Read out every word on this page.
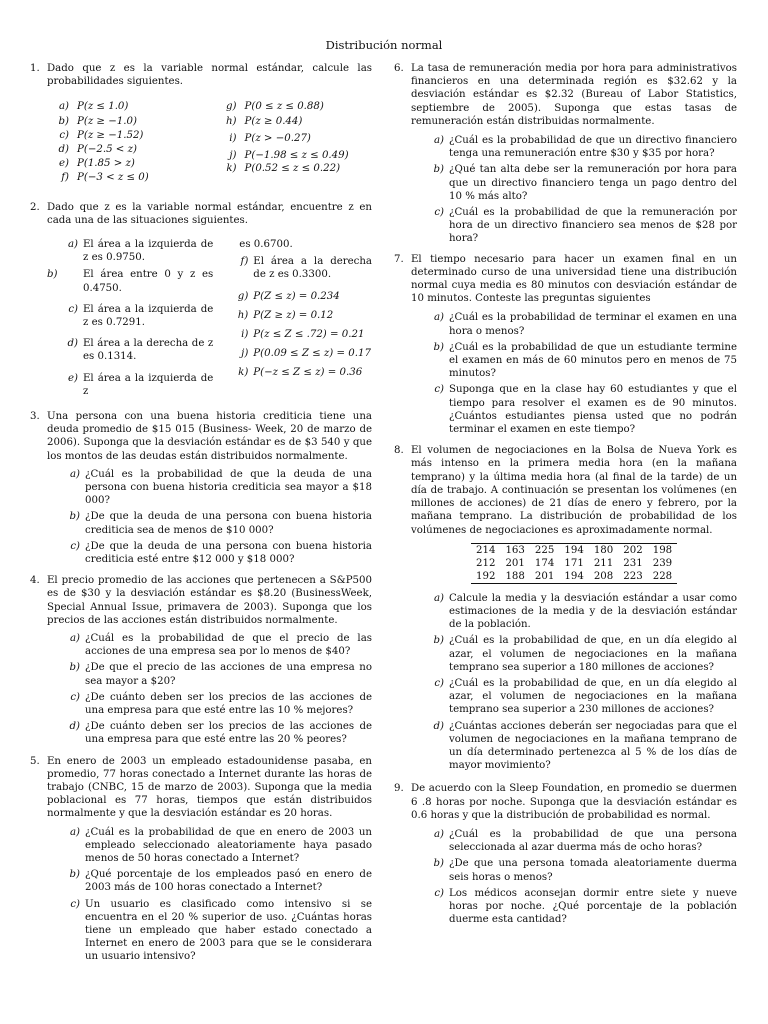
Distribución normal
1. Dado que z es la variable normal estándar, calcule las probabilidades siguientes.
a) P(z ≤ 1.0)	g) P(0 ≤ z ≤ 0.88)
b) P(z ≥ −1.0)	h) P(z ≥ 0.44)
c) P(z ≥ −1.52)	i) P(z > −0.27)
d) P(−2.5 < z)
j) P(−1.98 ≤ z ≤ 0.49)
e) P(1.85 > z)	k) P(0.52 ≤ z ≤ 0.22)
f) P(−3 < z ≤ 0)
2. Dado que z es la variable normal estándar, encuentre z en cada una de las situaciones siguientes.
a) El área a la izquierda de z es 0.9750.
b)	El área entre 0 y z es 0.4750.
c) El área a la izquierda de z es 0.7291.
d) El área a la derecha de z es 0.1314.
e) El área a la izquierda de z
es 0.6700.
f) El área a la derecha de z es 0.3300.
g) P(Z ≤ z) = 0.234
h) P(Z ≥ z) = 0.12
i) P(z ≤ Z ≤ .72) = 0.21
j) P(0.09 ≤ Z ≤ z) = 0.17
k) P(−z ≤ Z ≤ z) = 0.36
3. Una persona con una buena historia crediticia tiene una deuda promedio de $15 015 (Business- Week, 20 de marzo de 2006). Suponga que la desviación estándar es de $3 540 y que los montos de las deudas están distribuidos normalmente.
a) ¿Cuál es la probabilidad de que la deuda de una persona con buena historia crediticia sea mayor a $18 000?
b) ¿De que la deuda de una persona con buena historia crediticia sea de menos de $10 000?
c) ¿De que la deuda de una persona con buena historia crediticia esté entre $12 000 y $18 000?
4. El precio promedio de las acciones que pertenecen a S&P500 es de $30 y la desviación estándar es $8.20 (BusinessWeek, Special Annual Issue, primavera de 2003). Suponga que los precios de las acciones están distribuidos normalmente.
a) ¿Cuál es la probabilidad de que el precio de las acciones de una empresa sea por lo menos de $40?
b) ¿De que el precio de las acciones de una empresa no sea mayor a $20?
c) ¿De cuánto deben ser los precios de las acciones de una empresa para que esté entre las 10 % mejores?
d) ¿De cuánto deben ser los precios de las acciones de una empresa para que esté entre las 20 % peores?
5. En enero de 2003 un empleado estadounidense pasaba, en promedio, 77 horas conectado a Internet durante las horas de trabajo (CNBC, 15 de marzo de 2003). Suponga que la media poblacional es 77 horas, tiempos que están distribuidos normalmente y que la desviación estándar es 20 horas.
a) ¿Cuál es la probabilidad de que en enero de 2003 un empleado seleccionado aleatoriamente haya pasado menos de 50 horas conectado a Internet?
b) ¿Qué porcentaje de los empleados pasó en enero de 2003 más de 100 horas conectado a Internet?
c) Un usuario es clasificado como intensivo si se encuentra en el 20 % superior de uso. ¿Cuántas horas tiene un empleado que haber estado conectado a Internet en enero de 2003 para que se le considerara un usuario intensivo?
6. La tasa de remuneración media por hora para administrativos financieros en una determinada región es $32.62 y la desviación estándar es $2.32 (Bureau of Labor Statistics, septiembre de 2005). Suponga que estas tasas de remuneración están distribuidas normalmente.
a) ¿Cuál es la probabilidad de que un directivo financiero tenga una remuneración entre $30 y $35 por hora?
b) ¿Qué tan alta debe ser la remuneración por hora para que un directivo financiero tenga un pago dentro del 10 % más alto?
c) ¿Cuál es la probabilidad de que la remuneración por hora de un directivo financiero sea menos de $28 por hora?
7. El tiempo necesario para hacer un examen final en un determinado curso de una universidad tiene una distribución normal cuya media es 80 minutos con desviación estándar de 10 minutos. Conteste las preguntas siguientes
a) ¿Cuál es la probabilidad de terminar el examen en una hora o menos?
b) ¿Cuál es la probabilidad de que un estudiante termine el examen en más de 60 minutos pero en menos de 75 minutos?
c) Suponga que en la clase hay 60 estudiantes y que el tiempo para resolver el examen es de 90 minutos. ¿Cuántos estudiantes piensa usted que no podrán terminar el examen en este tiempo?
8. El volumen de negociaciones en la Bolsa de Nueva York es más intenso en la primera media hora (en la mañana temprano) y la última media hora (al final de la tarde) de un día de trabajo. A continuación se presentan los volúmenes (en millones de acciones) de 21 días de enero y febrero, por la mañana temprano. La distribución de probabilidad de los volúmenes de negociaciones es aproximadamente normal.
214	163	225	194	180	202	198
212	201	174	171	211	231	239
192	188	201	194	208	223	228
a) Calcule la media y la desviación estándar a usar como estimaciones de la media y de la desviación estándar de la población.
b) ¿Cuál es la probabilidad de que, en un día elegido al azar, el volumen de negociaciones en la mañana temprano sea superior a 180 millones de acciones?
c) ¿Cuál es la probabilidad de que, en un día elegido al azar, el volumen de negociaciones en la mañana temprano sea superior a 230 millones de acciones?
d) ¿Cuántas acciones deberán ser negociadas para que el volumen de negociaciones en la mañana temprano de un día determinado pertenezca al 5 % de los días de mayor movimiento?
9. De acuerdo con la Sleep Foundation, en promedio se duermen 6 .8 horas por noche. Suponga que la desviación estándar es 0.6 horas y que la distribución de probabilidad es normal.
a) ¿Cuál es la probabilidad de que una persona seleccionada al azar duerma más de ocho horas?
b) ¿De que una persona tomada aleatoriamente duerma seis horas o menos?
c) Los médicos aconsejan dormir entre siete y nueve horas por noche. ¿Qué porcentaje de la población duerme esta cantidad?
